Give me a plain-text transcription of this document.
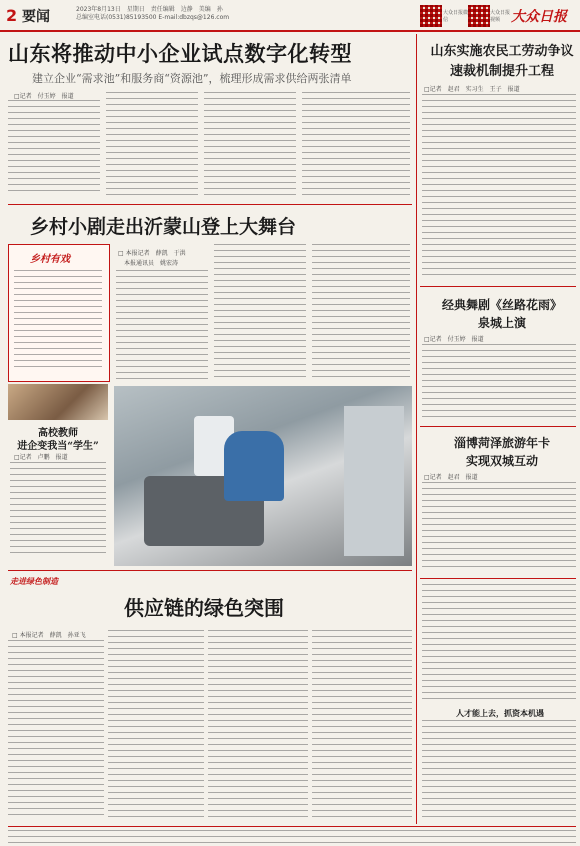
2 要闻	2023年8月13日　星期日　责任编辑　边静　美编　孙
总编室电话(0531)85193500 E-mail:dbzqs@126.com
大众日报微信
大众日报视频 大众日报
山东将推动中小企业试点数字化转型
建立企业“需求池”和服务商“资源池”，梳理形成需求供给两张清单
□记者　付玉婷　报道
山东实施农民工劳动争议
速裁机制提升工程
□记者　赵君　实习生　王子　报道
乡村小剧走出沂蒙山登上大舞台
乡村有戏
□ 本报记者　薛凯　于洪
　本报通讯员　姚宏涛
高校教师
进企变我当“学生”
□记者　卢鹏　报道
走进绿色制造
供应链的绿色突围
□ 本报记者　薛凯　孙亚飞
经典舞剧《丝路花雨》
泉城上演
□记者　付玉婷　报道
淄博菏泽旅游年卡
实现双城互动
□记者　赵君　报道
人才能上去，抓资本机遇
